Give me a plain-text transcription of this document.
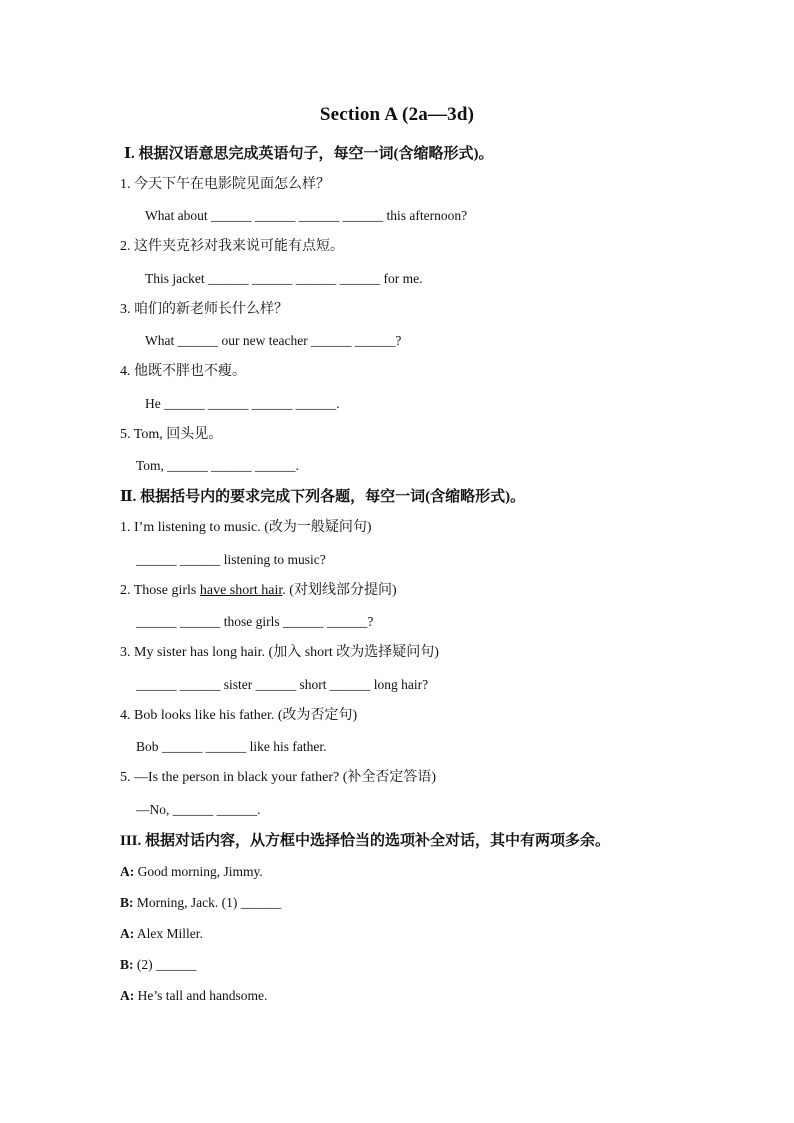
Section A (2a—3d)
Ⅰ. 根据汉语意思完成英语句子，每空一词(含缩略形式)。
1. 今天下午在电影院见面怎么样？
What about ______ ______ ______ ______ this afternoon?
2. 这件夹克衫对我来说可能有点短。
This jacket ______ ______ ______ ______ for me.
3. 咱们的新老师长什么样？
What ______ our new teacher ______ ______?
4. 他既不胖也不瘦。
He ______ ______ ______ ______.
5. Tom, 回头见。
Tom, ______ ______ ______.
Ⅱ. 根据括号内的要求完成下列各题，每空一词(含缩略形式)。
1. I’m listening to music. (改为一般疑问句)
______ ______ listening to music?
2. Those girls have short hair. (对划线部分提问)
______ ______ those girls ______ ______?
3. My sister has long hair. (加入 short 改为选择疑问句)
______ ______ sister ______ short ______ long hair?
4. Bob looks like his father. (改为否定句)
Bob ______ ______ like his father.
5. —Is the person in black your father? (补全否定答语)
—No, ______ ______.
III. 根据对话内容，从方框中选择恰当的选项补全对话，其中有两项多余。
A: Good morning, Jimmy.
B: Morning, Jack. (1) ______
A: Alex Miller.
B: (2) ______
A: He’s tall and handsome.
